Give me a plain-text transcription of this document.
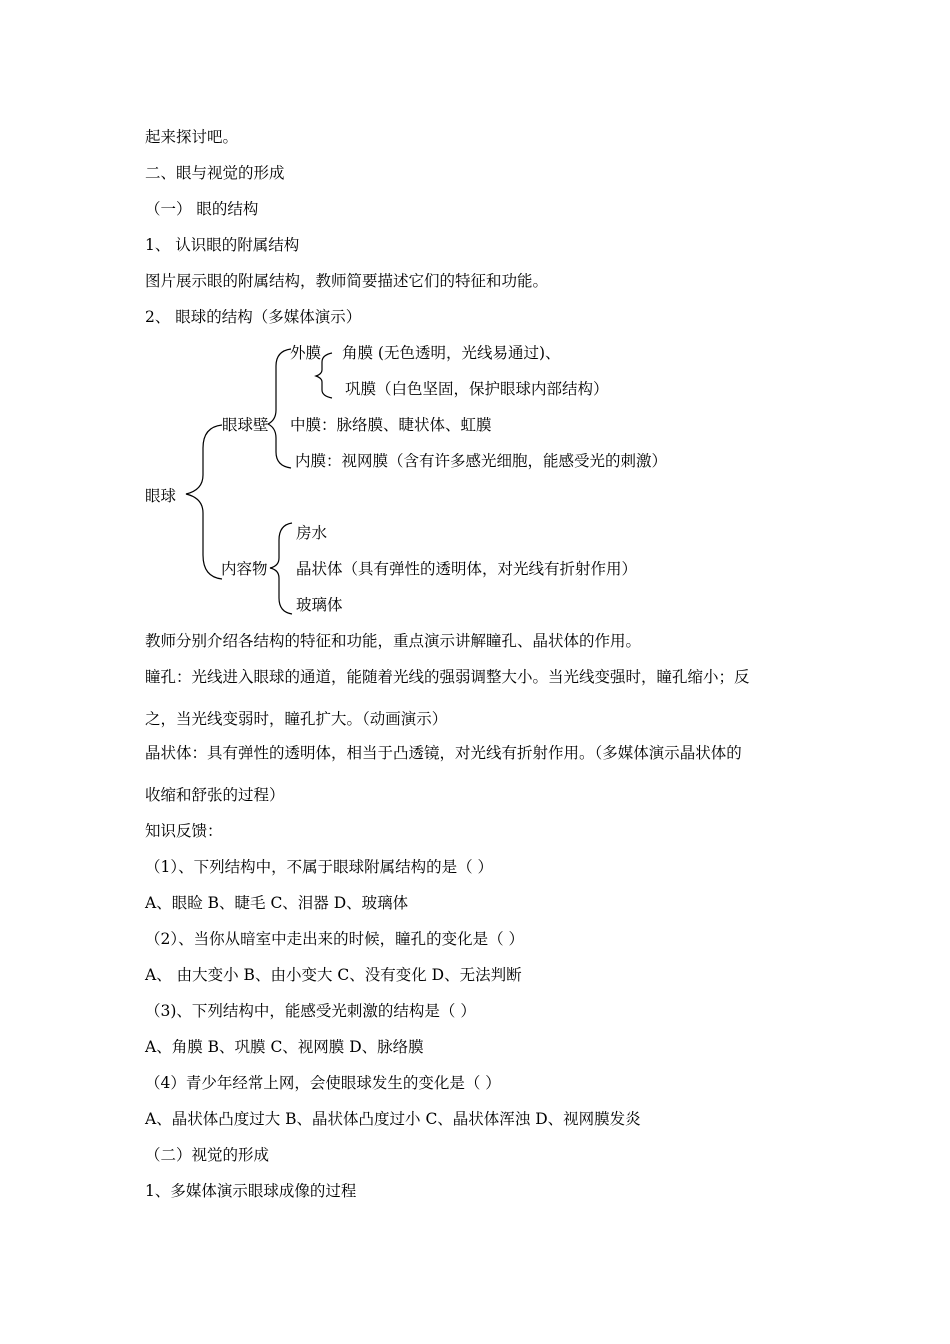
起来探讨吧。
二、眼与视觉的形成
（一） 眼的结构
1、 认识眼的附属结构
图片展示眼的附属结构，教师简要描述它们的特征和功能。
2、 眼球的结构（多媒体演示）
眼球
眼球壁
外膜 角膜 (无色透明，光线易通过)、
巩膜（白色坚固，保护眼球内部结构）
中膜：脉络膜、睫状体、虹膜
内膜：视网膜（含有许多感光细胞，能感受光的刺激）
内容物
房水
晶状体（具有弹性的透明体，对光线有折射作用）
玻璃体
教师分别介绍各结构的特征和功能，重点演示讲解瞳孔、晶状体的作用。
瞳孔：光线进入眼球的通道，能随着光线的强弱调整大小。当光线变强时，瞳孔缩小；反
之，当光线变弱时，瞳孔扩大。（动画演示）
晶状体：具有弹性的透明体，相当于凸透镜，对光线有折射作用。（多媒体演示晶状体的
收缩和舒张的过程）
知识反馈：
（1）、下列结构中，不属于眼球附属结构的是（ ）
A、眼睑 B、睫毛 C、泪器 D、玻璃体
（2）、当你从暗室中走出来的时候，瞳孔的变化是（ ）
A、 由大变小 B、由小变大 C、没有变化 D、无法判断
（3)、下列结构中，能感受光刺激的结构是（ ）
A、角膜 B、巩膜 C、视网膜 D、脉络膜
（4）青少年经常上网，会使眼球发生的变化是（ ）
A、晶状体凸度过大 B、晶状体凸度过小 C、晶状体浑浊 D、视网膜发炎
（二）视觉的形成
1、多媒体演示眼球成像的过程
